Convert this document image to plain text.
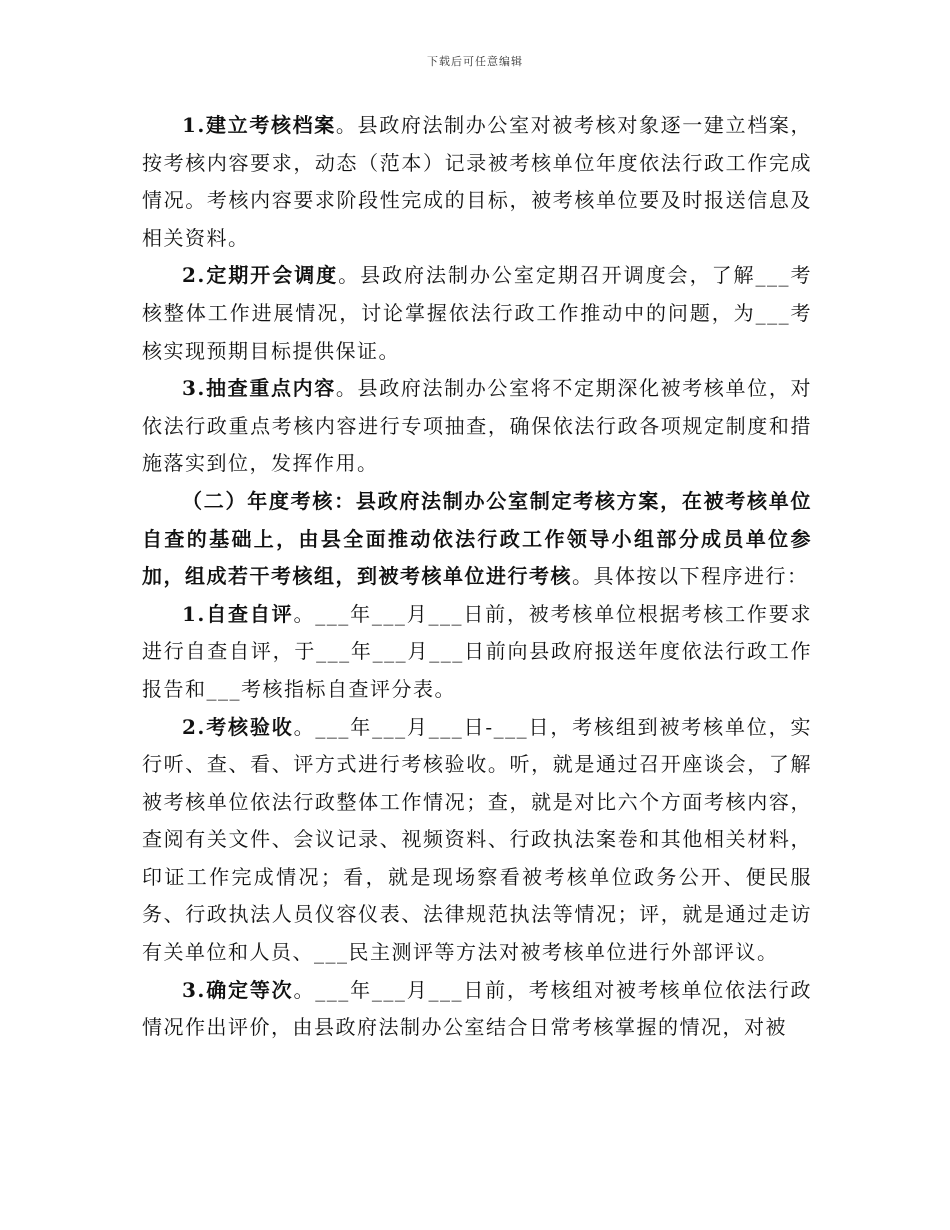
下载后可任意编辑

1.建立考核档案。县政府法制办公室对被考核对象逐一建立档案，按考核内容要求，动态（范本）记录被考核单位年度依法行政工作完成情况。考核内容要求阶段性完成的目标，被考核单位要及时报送信息及相关资料。

2.定期开会调度。县政府法制办公室定期召开调度会，了解___考核整体工作进展情况，讨论掌握依法行政工作推动中的问题，为___考核实现预期目标提供保证。

3.抽查重点内容。县政府法制办公室将不定期深化被考核单位，对依法行政重点考核内容进行专项抽查，确保依法行政各项规定制度和措施落实到位，发挥作用。

（二）年度考核：县政府法制办公室制定考核方案，在被考核单位自查的基础上，由县全面推动依法行政工作领导小组部分成员单位参加，组成若干考核组，到被考核单位进行考核。具体按以下程序进行：

1.自查自评。___年___月___日前，被考核单位根据考核工作要求进行自查自评，于___年___月___日前向县政府报送年度依法行政工作报告和___考核指标自查评分表。

2.考核验收。___年___月___日-___日，考核组到被考核单位，实行听、查、看、评方式进行考核验收。听，就是通过召开座谈会，了解被考核单位依法行政整体工作情况；查，就是对比六个方面考核内容，查阅有关文件、会议记录、视频资料、行政执法案卷和其他相关材料，印证工作完成情况；看，就是现场察看被考核单位政务公开、便民服务、行政执法人员仪容仪表、法律规范执法等情况；评，就是通过走访有关单位和人员、___民主测评等方法对被考核单位进行外部评议。

3.确定等次。___年___月___日前，考核组对被考核单位依法行政情况作出评价，由县政府法制办公室结合日常考核掌握的情况，对被
